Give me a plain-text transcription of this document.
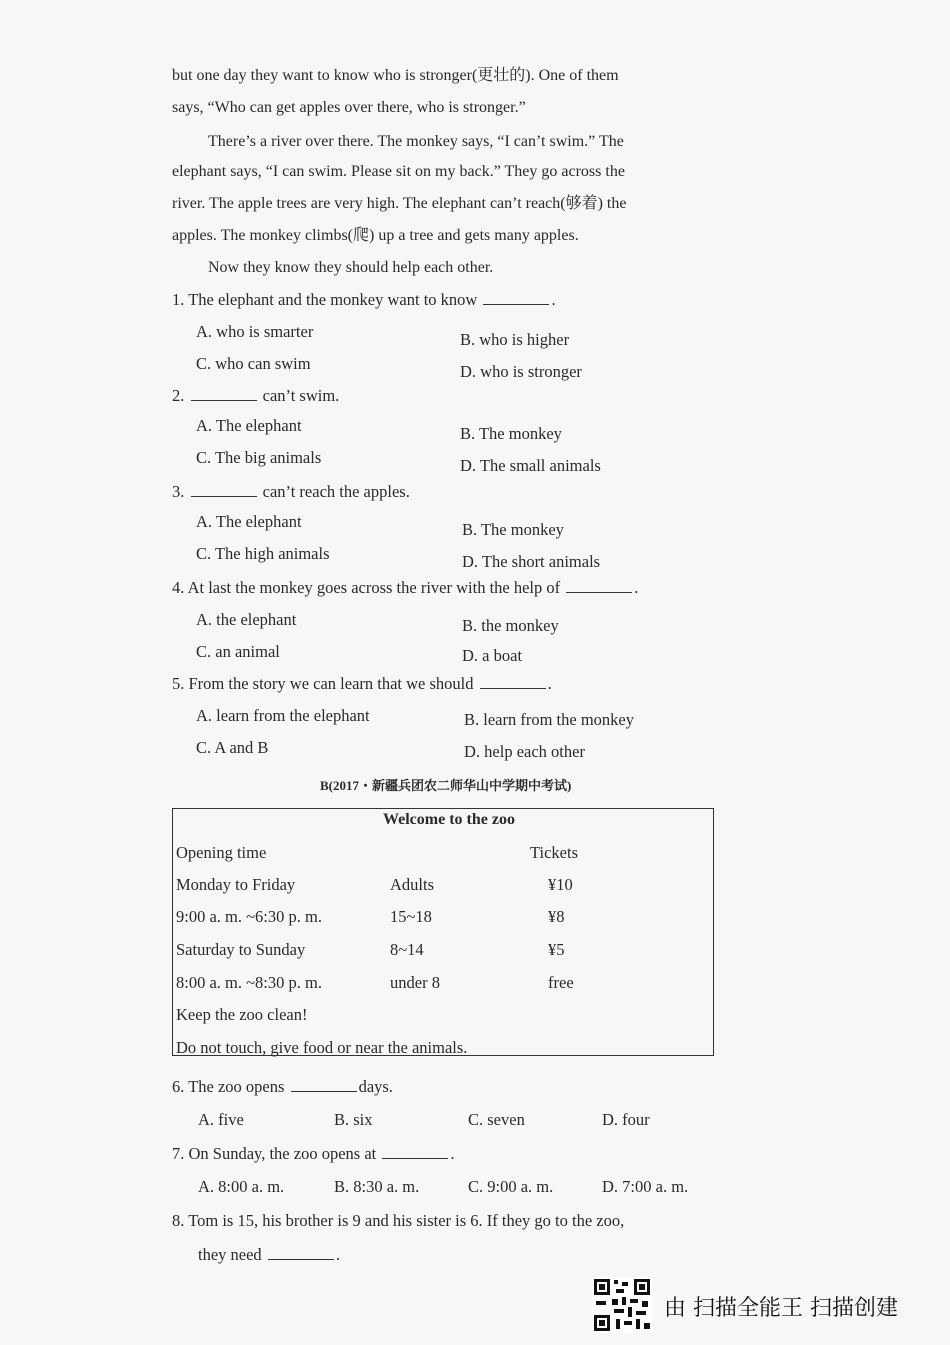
but one day they want to know who is stronger(更壮的). One of them
says, “Who can get apples over there, who is stronger.”
There’s a river over there. The monkey says, “I can’t swim.” The
elephant says, “I can swim. Please sit on my back.” They go across the
river. The apple trees are very high. The elephant can’t reach(够着) the
apples. The monkey climbs(爬) up a tree and gets many apples.
Now they know they should help each other.
1. The elephant and the monkey want to know	.
A. who is smarter	B. who is higher
C. who can swim	D. who is stronger
2.	can’t swim.
A. The elephant	B. The monkey
C. The big animals	D. The small animals
3.	can’t reach the apples.
A. The elephant	B. The monkey
C. The high animals	D. The short animals
4. At last the monkey goes across the river with the help of	.
A. the elephant	B. the monkey
C. an animal	D. a boat
5. From the story we can learn that we should	.
A. learn from the elephant	B. learn from the monkey
C. A and B	D. help each other
B(2017・新疆兵团农二师华山中学期中考试)
Welcome to the zoo
Opening time	Tickets
Monday to Friday	Adults	¥10
9:00 a. m. ~6:30 p. m.	15~18	¥8
Saturday to Sunday	8~14	¥5
8:00 a. m. ~8:30 p. m.	under 8	free
Keep the zoo clean!
Do not touch, give food or near the animals.
6. The zoo opens	days.
A. five	B. six	C. seven	D. four
7. On Sunday, the zoo opens at	.
A. 8:00 a. m.	B. 8:30 a. m.	C. 9:00 a. m.	D. 7:00 a. m.
8. Tom is 15, his brother is 9 and his sister is 6. If they go to the zoo,
they need	.
由 扫描全能王 扫描创建
